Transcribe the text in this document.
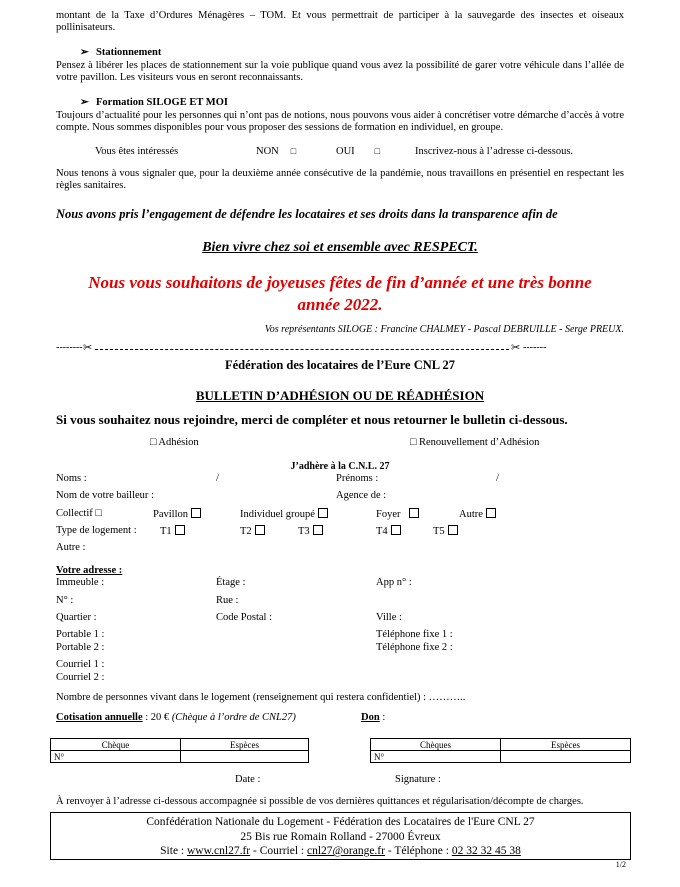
montant de la Taxe d’Ordures Ménagères – TOM. Et vous permettrait de participer à la sauvegarde des insectes et oiseaux pollinisateurs.
➢ Stationnement
Pensez à libérer les places de stationnement sur la voie publique quand vous avez la possibilité de garer votre véhicule dans l’allée de votre pavillon. Les visiteurs vous en seront reconnaissants.
➢ Formation SILOGE ET MOI
Toujours d’actualité pour les personnes qui n’ont pas de notions, nous pouvons vous aider à concrétiser votre démarche d’accès à votre compte. Nous sommes disponibles pour vous proposer des sessions de formation en individuel, en groupe.
Vous êtes intéressés	NON □	OUI □	Inscrivez-nous à l’adresse ci-dessous.
Nous tenons à vous signaler que, pour la deuxième année consécutive de la pandémie, nous travaillons en présentiel en respectant les règles sanitaires.
Nous avons pris l’engagement de défendre les locataires et ses droits dans la transparence afin de
Bien vivre chez soi et ensemble avec RESPECT.
Nous vous souhaitons de joyeuses fêtes de fin d’année et une très bonne
année 2022.
Vos représentants SILOGE : Francine CHALMEY - Pascal DEBRUILLE - Serge PREUX.
-------- ✂	✂ -------
Fédération des locataires de l’Eure CNL 27
BULLETIN D’ADHÉSION OU DE RÉADHÉSION
Si vous souhaitez nous rejoindre, merci de compléter et nous retourner le bulletin ci-dessous.
□ Adhésion	□ Renouvellement d’Adhésion
J’adhère à la C.N.L. 27
Noms :	/	Prénoms :	/
Nom de votre bailleur :	Agence de :
Collectif □	Pavillon	Individuel groupé	Foyer	Autre
Type de logement : T1	T2	T3	T4	T5
Autre :
Votre adresse :
Immeuble :	Étage :	App n° :
N° :	Rue :
Quartier :	Code Postal :	Ville :
Portable 1 :	Téléphone fixe 1 :
Portable 2 :	Téléphone fixe 2 :
Courriel 1 :
Courriel 2 :
Nombre de personnes vivant dans le logement (renseignement qui restera confidentiel) : ………..
Cotisation annuelle : 20 € (Chèque à l’ordre de CNL27)	Don :
Chèque	Espèces
N°	
Chèques	Espèces
N°	
Date :	Signature :
À renvoyer à l’adresse ci-dessous accompagnée si possible de vos dernières quittances et régularisation/décompte de charges.
Confédération Nationale du Logement - Fédération des Locataires de l'Eure CNL 27
25 Bis rue Romain Rolland - 27000 Évreux
Site : www.cnl27.fr - Courriel : cnl27@orange.fr - Téléphone : 02 32 32 45 38
1/2
